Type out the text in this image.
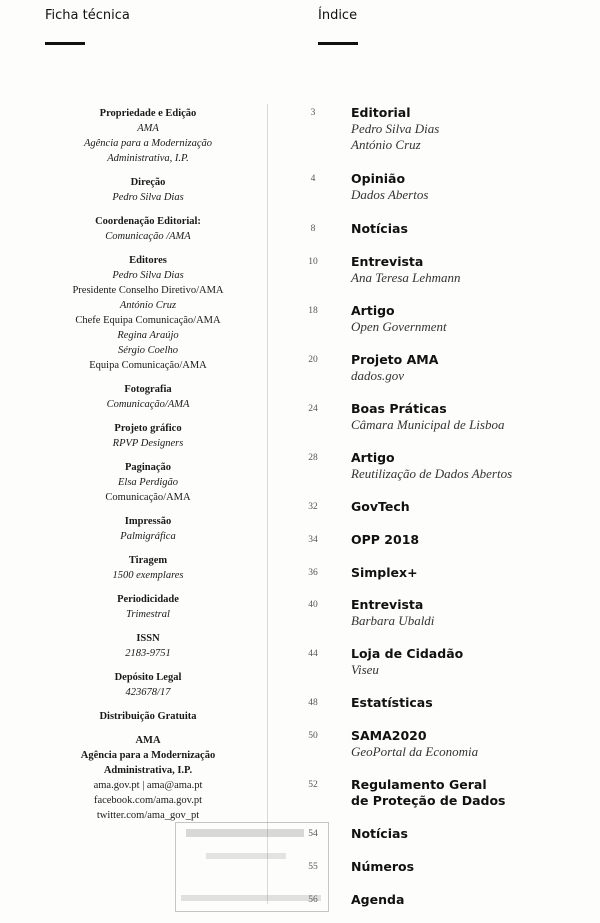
Ficha técnica	Índice
Propriedade e Edição
AMA
Agência para a Modernização
Administrativa, I.P.
Direção
Pedro Silva Dias
Coordenação Editorial:
Comunicação /AMA
Editores
Pedro Silva Dias
Presidente Conselho Diretivo/AMA
António Cruz
Chefe Equipa Comunicação/AMA
Regina Araújo
Sérgio Coelho
Equipa Comunicação/AMA
Fotografia
Comunicação/AMA
Projeto gráfico
RPVP Designers
Paginação
Elsa Perdigão
Comunicação/AMA
Impressão
Palmigráfica
Tiragem
1500 exemplares
Periodicidade
Trimestral
ISSN
2183-9751
Depósito Legal
423678/17
Distribuição Gratuita
AMA
Agência para a Modernização
Administrativa, I.P.
ama.gov.pt | ama@ama.pt
facebook.com/ama.gov.pt
twitter.com/ama_gov_pt
3	Editorial
Pedro Silva Dias
António Cruz
4	Opinião
Dados Abertos
8	Notícias
10	Entrevista
Ana Teresa Lehmann
18	Artigo
Open Government
20	Projeto AMA
dados.gov
24	Boas Práticas
Câmara Municipal de Lisboa
28	Artigo
Reutilização de Dados Abertos
32	GovTech
34	OPP 2018
36	Simplex+
40	Entrevista
Barbara Ubaldi
44	Loja de Cidadão
Viseu
48	Estatísticas
50	SAMA2020
GeoPortal da Economia
52	Regulamento Geral
de Proteção de Dados
54	Notícias
55	Números
56	Agenda
